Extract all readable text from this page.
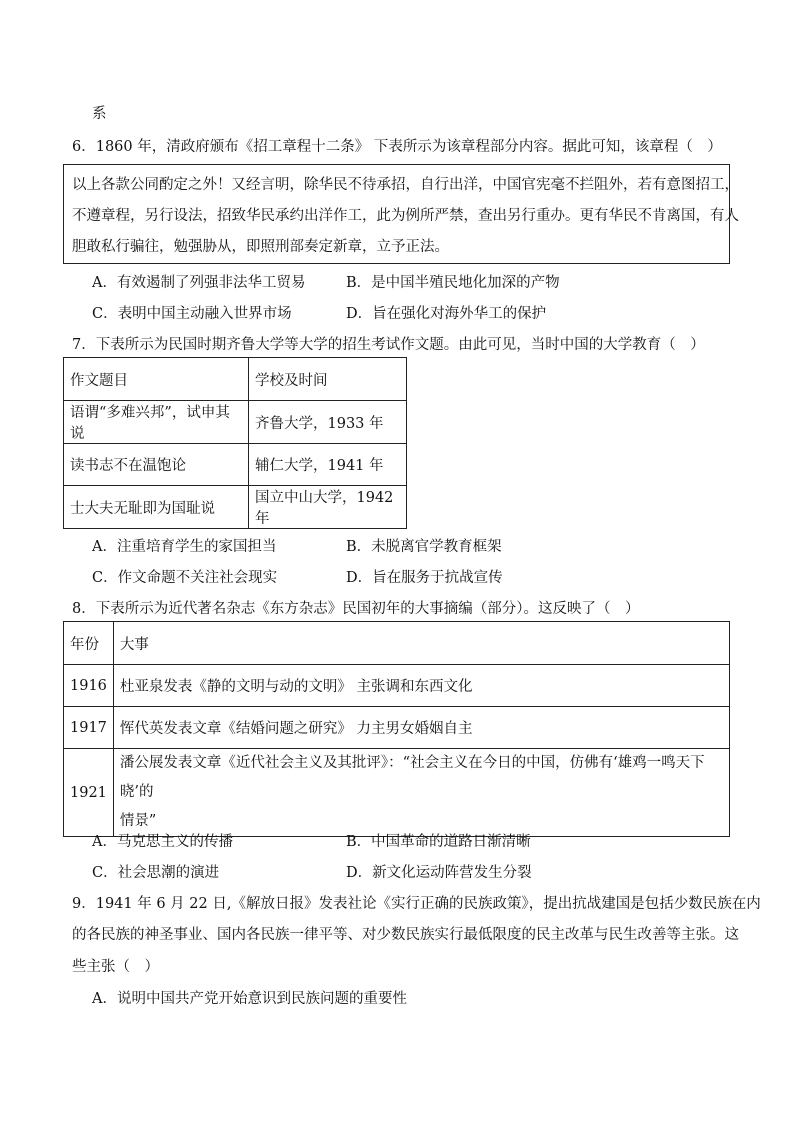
系
6．1860 年，清政府颁布《招工章程十二条》 下表所示为该章程部分内容。据此可知，该章程（　）
以上各款公同酌定之外！又经言明，除华民不待承招，自行出洋，中国官宪毫不拦阻外，若有意图招工，
不遵章程，另行设法，招致华民承约出洋作工，此为例所严禁，查出另行重办。更有华民不肯离国，有人
胆敢私行骗往，勉强胁从，即照刑部奏定新章，立予正法。
A．有效遏制了列强非法华工贸易	B．是中国半殖民地化加深的产物
C．表明中国主动融入世界市场	D．旨在强化对海外华工的保护
7．下表所示为民国时期齐鲁大学等大学的招生考试作文题。由此可见，当时中国的大学教育（　）
作文题目	学校及时间
语谓“多难兴邦”，试申其说	齐鲁大学，1933 年
读书志不在温饱论	辅仁大学，1941 年
士大夫无耻即为国耻说	国立中山大学，1942 年
A．注重培育学生的家国担当	B．未脱离官学教育框架
C．作文命题不关注社会现实	D．旨在服务于抗战宣传
8．下表所示为近代著名杂志《东方杂志》民国初年的大事摘编（部分）。这反映了（　）
年份	大事
1916	杜亚泉发表《静的文明与动的文明》 主张调和东西文化
1917	恽代英发表文章《结婚问题之研究》 力主男女婚姻自主
1921	潘公展发表文章《近代社会主义及其批评》：“社会主义在今日的中国，仿佛有‘雄鸡一鸣天下晓’的
情景”
A．马克思主义的传播	B．中国革命的道路日渐清晰
C．社会思潮的演进	D．新文化运动阵营发生分裂
9．1941 年 6 月 22 日,《解放日报》发表社论《实行正确的民族政策》，提出抗战建国是包括少数民族在内
的各民族的神圣事业、国内各民族一律平等、对少数民族实行最低限度的民主改革与民生改善等主张。这
些主张（　）
A．说明中国共产党开始意识到民族问题的重要性
